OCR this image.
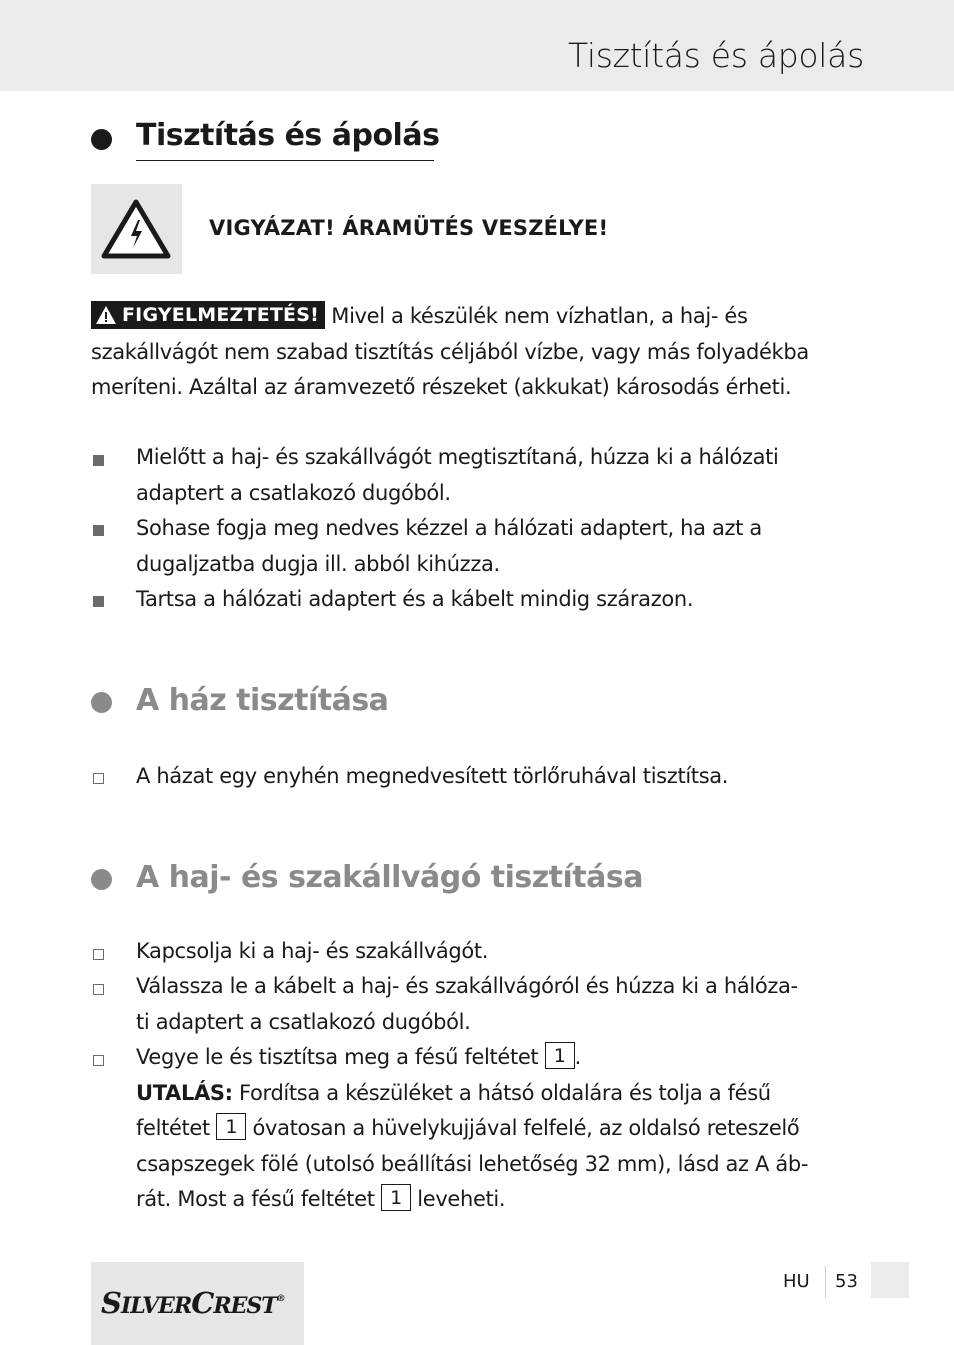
Tisztítás és ápolás
Tisztítás és ápolás
VIGYÁZAT! ÁRAMÜTÉS VESZÉLYE!
FIGYELMEZTETÉS! Mivel a készülék nem vízhatlan, a haj- és
szakállvágót nem szabad tisztítás céljából vízbe, vagy más folyadékba
meríteni. Azáltal az áramvezető részeket (akkukat) károsodás érheti.
Mielőtt a haj- és szakállvágót megtisztítaná, húzza ki a hálózati
adaptert a csatlakozó dugóból.
Sohase fogja meg nedves kézzel a hálózati adaptert, ha azt a
dugaljzatba dugja ill. abból kihúzza.
Tartsa a hálózati adaptert és a kábelt mindig szárazon.
A ház tisztítása
A házat egy enyhén megnedvesített törlőruhával tisztítsa.
A haj- és szakállvágó tisztítása
Kapcsolja ki a haj- és szakállvágót.
Válassza le a kábelt a haj- és szakállvágóról és húzza ki a hálóza-
ti adaptert a csatlakozó dugóból.
Vegye le és tisztítsa meg a fésű feltétet 1 .
UTALÁS: Fordítsa a készüléket a hátsó oldalára és tolja a fésű
feltétet 1 óvatosan a hüvelykujjával felfelé, az oldalsó reteszelő
csapszegek fölé (utolsó beállítási lehetőség 32 mm), lásd az A áb-
rát. Most a fésű feltétet 1 leveheti.
SILVERCREST®
HU 53
